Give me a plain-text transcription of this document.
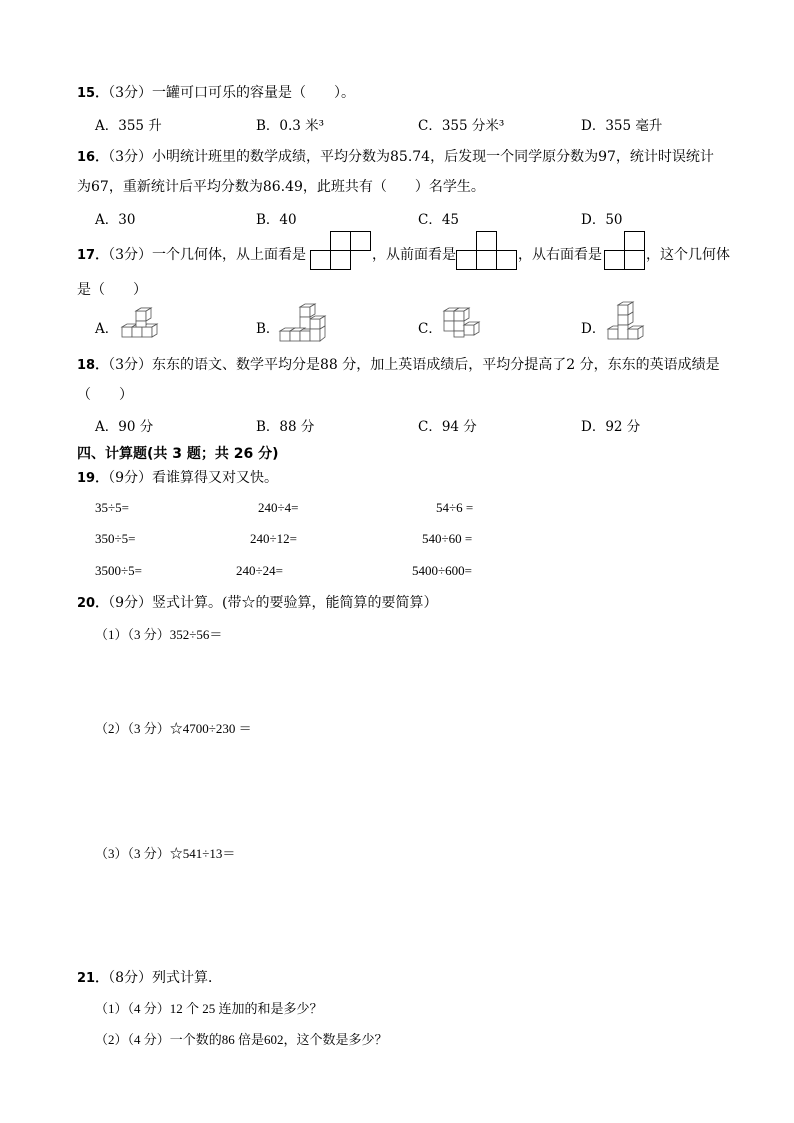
15．（3分）一罐可口可乐的容量是（　　）。
A．355 升	B．0.3 米³	C．355 分米³	D．355 毫升
16．（3分）小明统计班里的数学成绩，平均分数为85.74，后发现一个同学原分数为97，统计时误统计
为67，重新统计后平均分数为86.49，此班共有（　　）名学生。
A．30	B．40	C．45	D．50
17．（3分）一个几何体，从上面看是	，从前面看是	，从右面看是	，这个几何体
是（　　）
A．	B．	C．	D．
18．（3分）东东的语文、数学平均分是88 分，加上英语成绩后，平均分提高了2 分，东东的英语成绩是
（　　）
A．90 分	B．88 分	C．94 分	D．92 分
四、计算题(共 3 题；共 26 分)
19．（9分）看谁算得又对又快。
35÷5=	240÷4=	54÷6 =
350÷5=	240÷12=	540÷60 =
3500÷5=	240÷24=	5400÷600=
20．（9分）竖式计算。(带☆的要验算，能简算的要简算）
（1）（3 分）352÷56＝
（2）（3 分）☆4700÷230 ＝
（3）（3 分）☆541÷13＝
21．（8分）列式计算．
（1）（4 分）12 个 25 连加的和是多少？
（2）（4 分）一个数的86 倍是602，这个数是多少？
